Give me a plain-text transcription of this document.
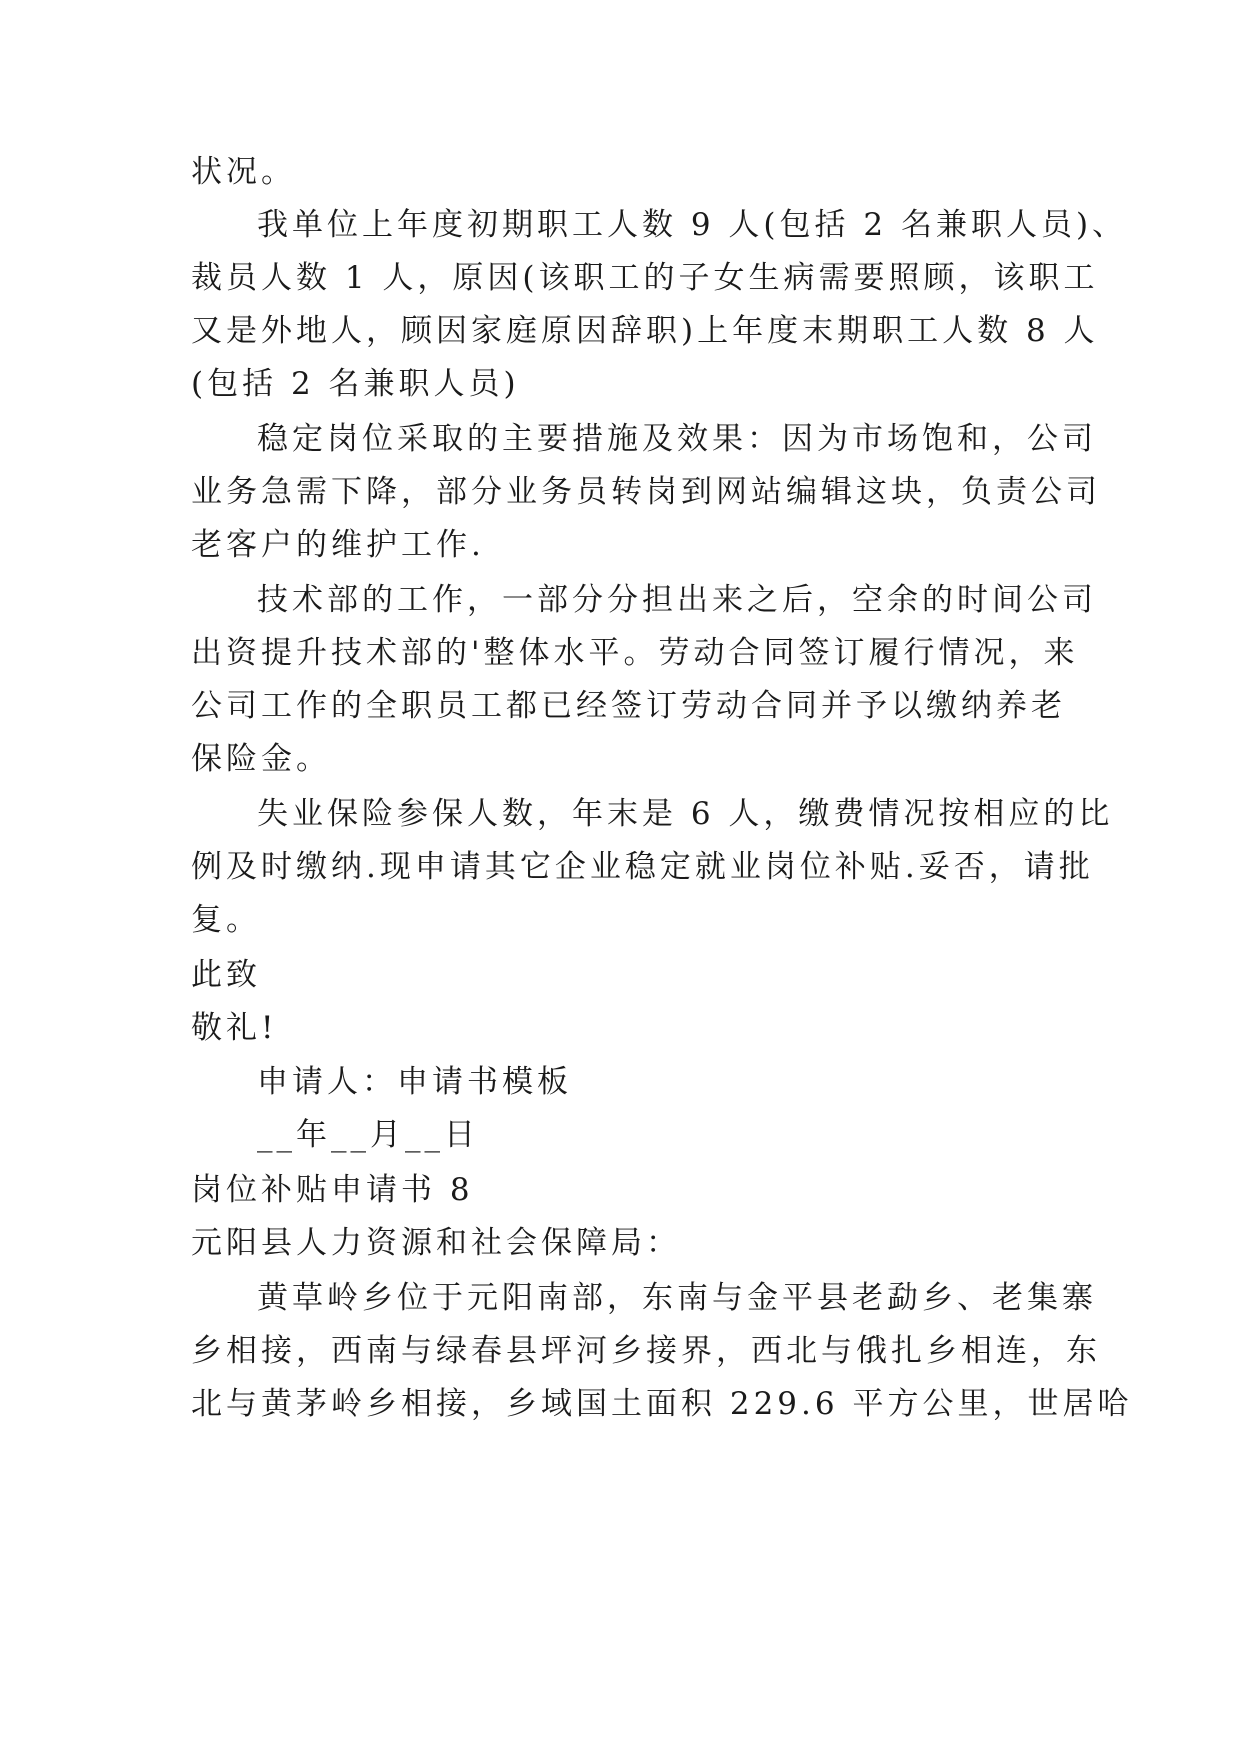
状况。
我单位上年度初期职工人数 9 人(包括 2 名兼职人员)、
裁员人数 1 人，原因(该职工的子女生病需要照顾，该职工
又是外地人，顾因家庭原因辞职)上年度末期职工人数 8 人
(包括 2 名兼职人员)
稳定岗位采取的主要措施及效果：因为市场饱和，公司
业务急需下降，部分业务员转岗到网站编辑这块，负责公司
老客户的维护工作.
技术部的工作，一部分分担出来之后，空余的时间公司
出资提升技术部的'整体水平。劳动合同签订履行情况，来
公司工作的全职员工都已经签订劳动合同并予以缴纳养老
保险金。
失业保险参保人数，年末是 6 人，缴费情况按相应的比
例及时缴纳.现申请其它企业稳定就业岗位补贴.妥否，请批
复。
此致
敬礼!
申请人：申请书模板
__年__月__日
岗位补贴申请书 8
元阳县人力资源和社会保障局：
黄草岭乡位于元阳南部，东南与金平县老勐乡、老集寨
乡相接，西南与绿春县坪河乡接界，西北与俄扎乡相连，东
北与黄茅岭乡相接，乡域国土面积 229.6 平方公里，世居哈
